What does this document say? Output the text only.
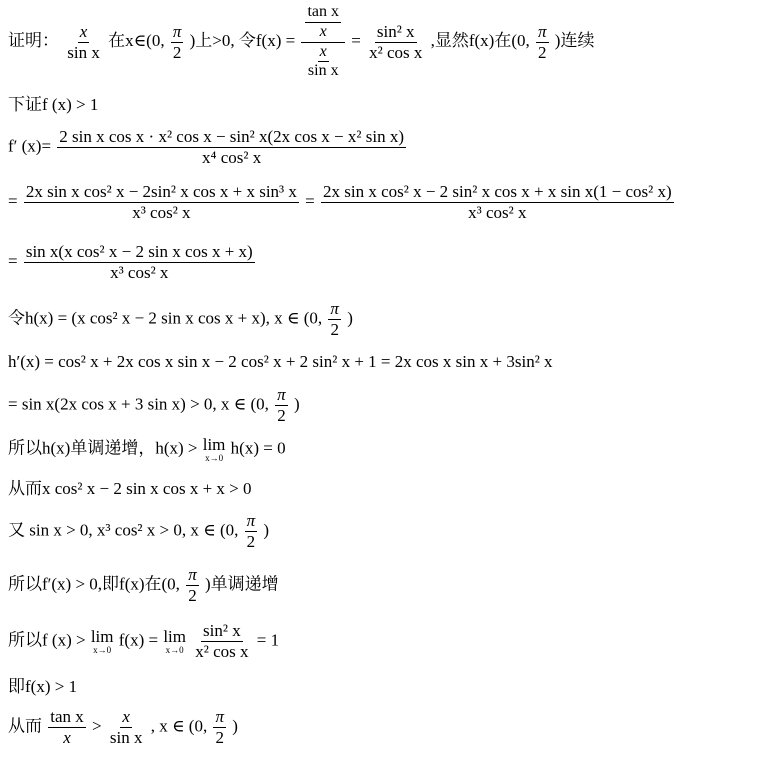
证明： $\frac{x}{\text{sin x}}$ 在x∈(0, $\frac{\pi}{2}$ )上>0, 令$f(x) = \frac{\frac{\text{tan x}}{x}}{\frac{x}{\text{sin x}}} = \frac{\text{sin² x}}{\text{x² cos x}}$ ,显然f(x)在(0, $\frac{\pi}{2}$ )连续
下证f (x) > 1
f′ $(x)= \frac{\text{2 sin x cos x · x² cos x − sin² x(2x cos x − x² sin x)}}{\text{x⁴ cos² x}}$
= $\frac{\text{2x sin x cos² x − 2sin² x cos x + x sin³ x}}{\text{x³ cos² x}} = \frac{\text{2x sin x cos² x − 2 sin² x cos x + x sin x(1 − cos² x)}}{\text{x³ cos² x}}$
= $\frac{\text{sin x(x cos² x − 2 sin x cos x + x)}}{\text{x³ cos² x}}$
令h(x) = (x cos² x − 2 sin x cos x + x), x ∈ (0, $\frac{\pi}{2}$ )
h′(x) = cos² x + 2x cos x sin x − 2 cos² x + 2 sin² x + 1 = 2x cos x sin x + 3sin² x
= sin x(2x cos x + 3 sin x) > 0, x ∈ (0, $\frac{\pi}{2}$ )
所以h(x)单调递增，h(x) > lim
x→0
h(x) = 0
从而x cos² x − 2 sin x cos x + x > 0
又 sin x > 0, x³ cos² x > 0, x ∈ (0, $\frac{\pi}{2}$ )
所以f′(x) > 0,即f(x)在(0, $\frac{\pi}{2}$ )单调递增
所以f (x) > lim
x→0
f(x) = lim
x→0
$\frac{\text{sin² x}}{\text{x² cos x}} = 1$
即f(x) > 1
从而 $\frac{\text{tan x}}{x} > \frac{x}{\text{sin x}}$ , x ∈ (0, $\frac{\pi}{2}$ )
